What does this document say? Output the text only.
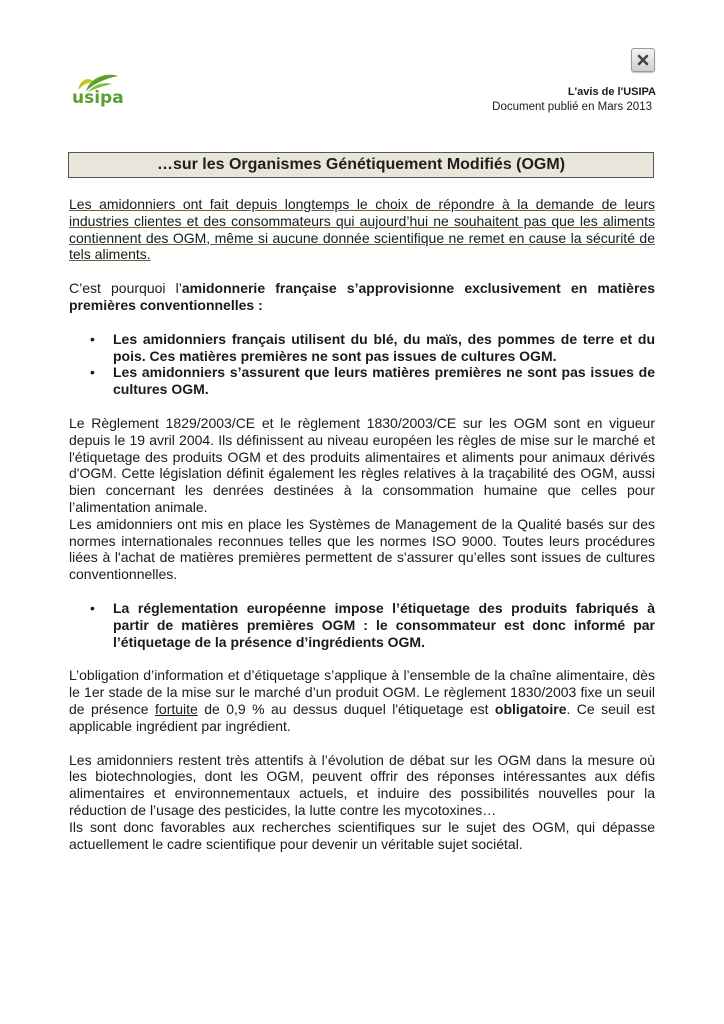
usipa	L'avis de l'USIPA
Document publié en Mars 2013
…sur les Organismes Génétiquement Modifiés (OGM)

Les amidonniers ont fait depuis longtemps le choix de répondre à la demande de leurs industries clientes et des consommateurs qui aujourd’hui ne souhaitent pas que les aliments contiennent des OGM, même si aucune donnée scientifique ne remet en cause la sécurité de tels aliments.

C’est pourquoi l’amidonnerie française s’approvisionne exclusivement en matières premières conventionnelles :

• Les amidonniers français utilisent du blé, du maïs, des pommes de terre et du pois. Ces matières premières ne sont pas issues de cultures OGM.
• Les amidonniers s’assurent que leurs matières premières ne sont pas issues de cultures OGM.

Le Règlement 1829/2003/CE et le règlement 1830/2003/CE sur les OGM sont en vigueur depuis le 19 avril 2004. Ils définissent au niveau européen les règles de mise sur le marché et l'étiquetage des produits OGM et des produits alimentaires et aliments pour animaux dérivés d'OGM. Cette législation définit également les règles relatives à la traçabilité des OGM, aussi bien concernant les denrées destinées à la consommation humaine que celles pour l’alimentation animale.

Les amidonniers ont mis en place les Systèmes de Management de la Qualité basés sur des normes internationales reconnues telles que les normes ISO 9000. Toutes leurs procédures liées à l'achat de matières premières permettent de s'assurer qu’elles sont issues de cultures conventionnelles.

• La réglementation européenne impose l’étiquetage des produits fabriqués à partir de matières premières OGM : le consommateur est donc informé par l’étiquetage de la présence d’ingrédients OGM.

L’obligation d’information et d’étiquetage s’applique à l’ensemble de la chaîne alimentaire, dès le 1er stade de la mise sur le marché d’un produit OGM. Le règlement 1830/2003 fixe un seuil de présence fortuite de 0,9 % au dessus duquel l'étiquetage est obligatoire. Ce seuil est applicable ingrédient par ingrédient.

Les amidonniers restent très attentifs à l’évolution de débat sur les OGM dans la mesure où les biotechnologies, dont les OGM, peuvent offrir des réponses intéressantes aux défis alimentaires et environnementaux actuels, et induire des possibilités nouvelles pour la réduction de l’usage des pesticides, la lutte contre les mycotoxines…

Ils sont donc favorables aux recherches scientifiques sur le sujet des OGM, qui dépasse actuellement le cadre scientifique pour devenir un véritable sujet sociétal.
